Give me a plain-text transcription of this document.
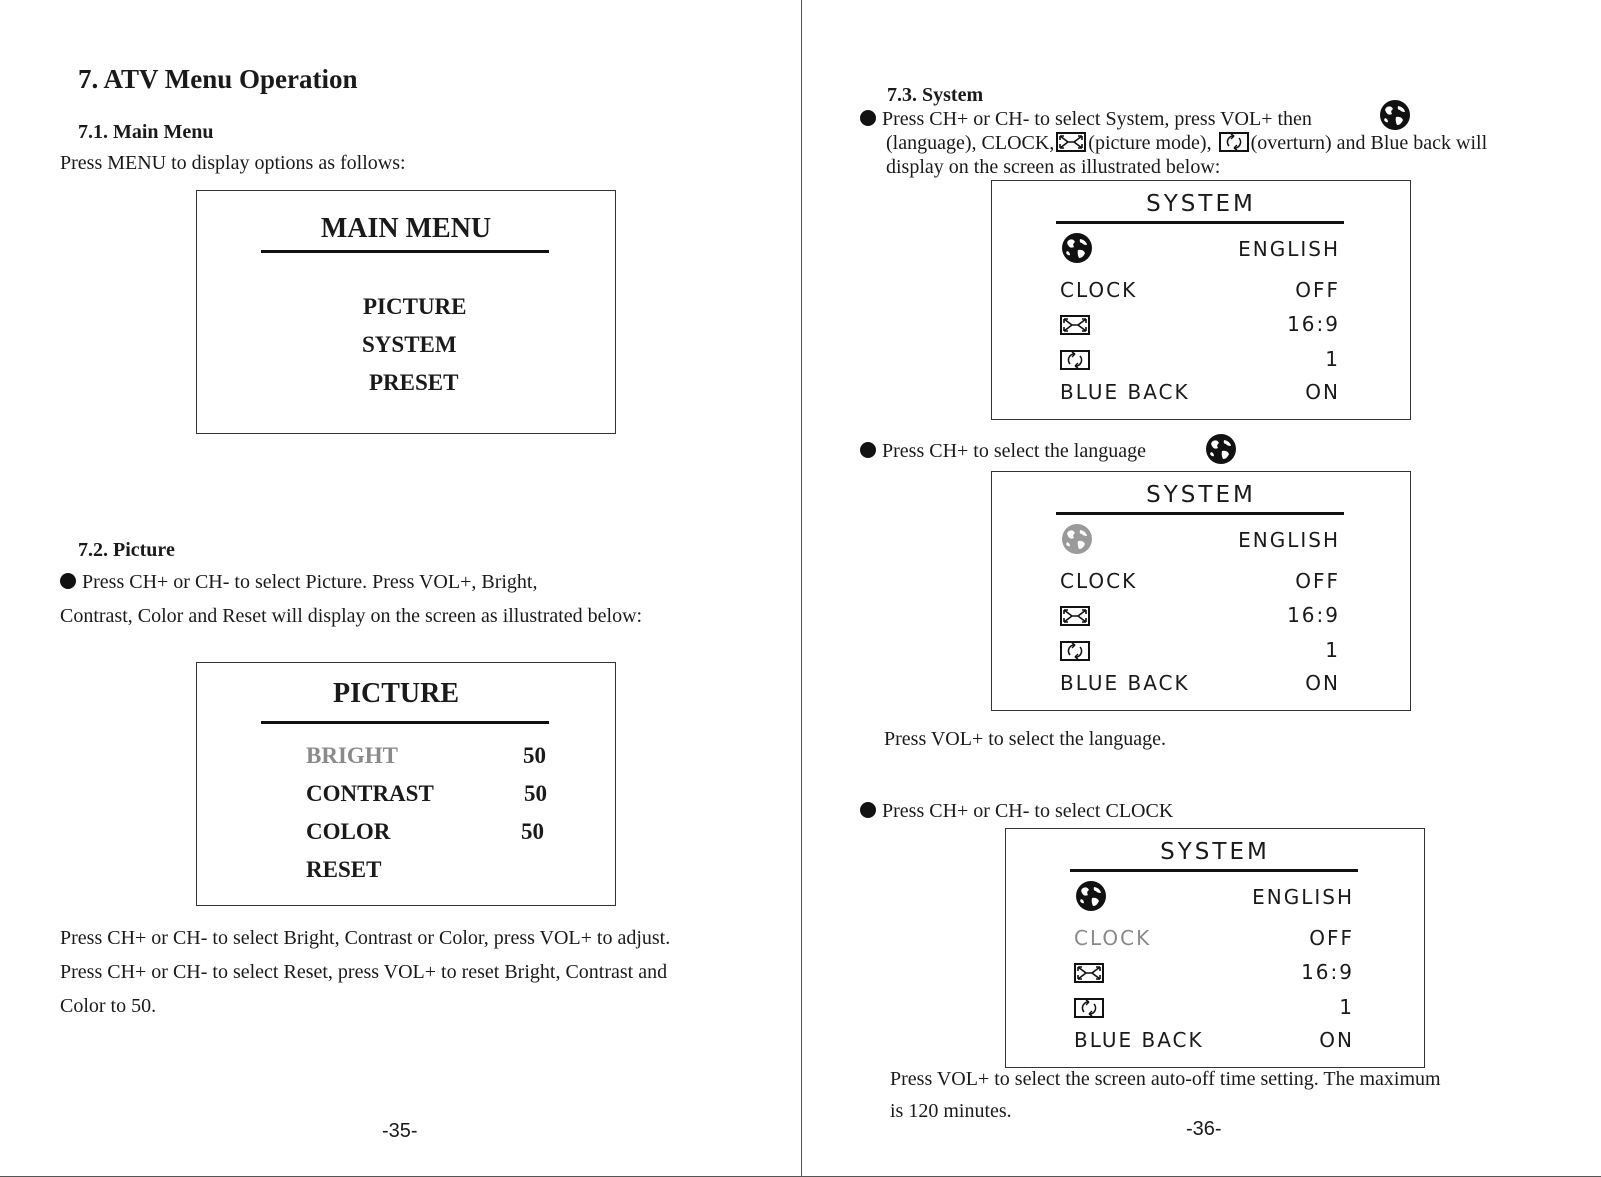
7. ATV Menu Operation
7.1. Main Menu
Press MENU to display options as follows:
MAIN MENU
PICTURE
SYSTEM
PRESET
7.2. Picture
Press CH+ or CH- to select Picture. Press VOL+, Bright,
Contrast, Color and Reset will display on the screen as illustrated below:
PICTURE
BRIGHT	50
CONTRAST	50
COLOR	50
RESET
Press CH+ or CH- to select Bright, Contrast or Color, press VOL+ to adjust.
Press CH+ or CH- to select Reset, press VOL+ to reset Bright, Contrast and
Color to 50.
-35-
7.3. System
Press CH+ or CH- to select System, press VOL+ then
(language), CLOCK, (picture mode), (overturn) and Blue back will
display on the screen as illustrated below:
SYSTEM
ENGLISH
CLOCK	OFF
16:9
1
BLUE BACK	ON
Press CH+ to select the language
SYSTEM
ENGLISH
CLOCK	OFF
16:9
1
BLUE BACK	ON
Press VOL+ to select the language.
Press CH+ or CH- to select CLOCK
SYSTEM
ENGLISH
CLOCK	OFF
16:9
1
BLUE BACK	ON
Press VOL+ to select the screen auto-off time setting. The maximum
is 120 minutes.
-36-
